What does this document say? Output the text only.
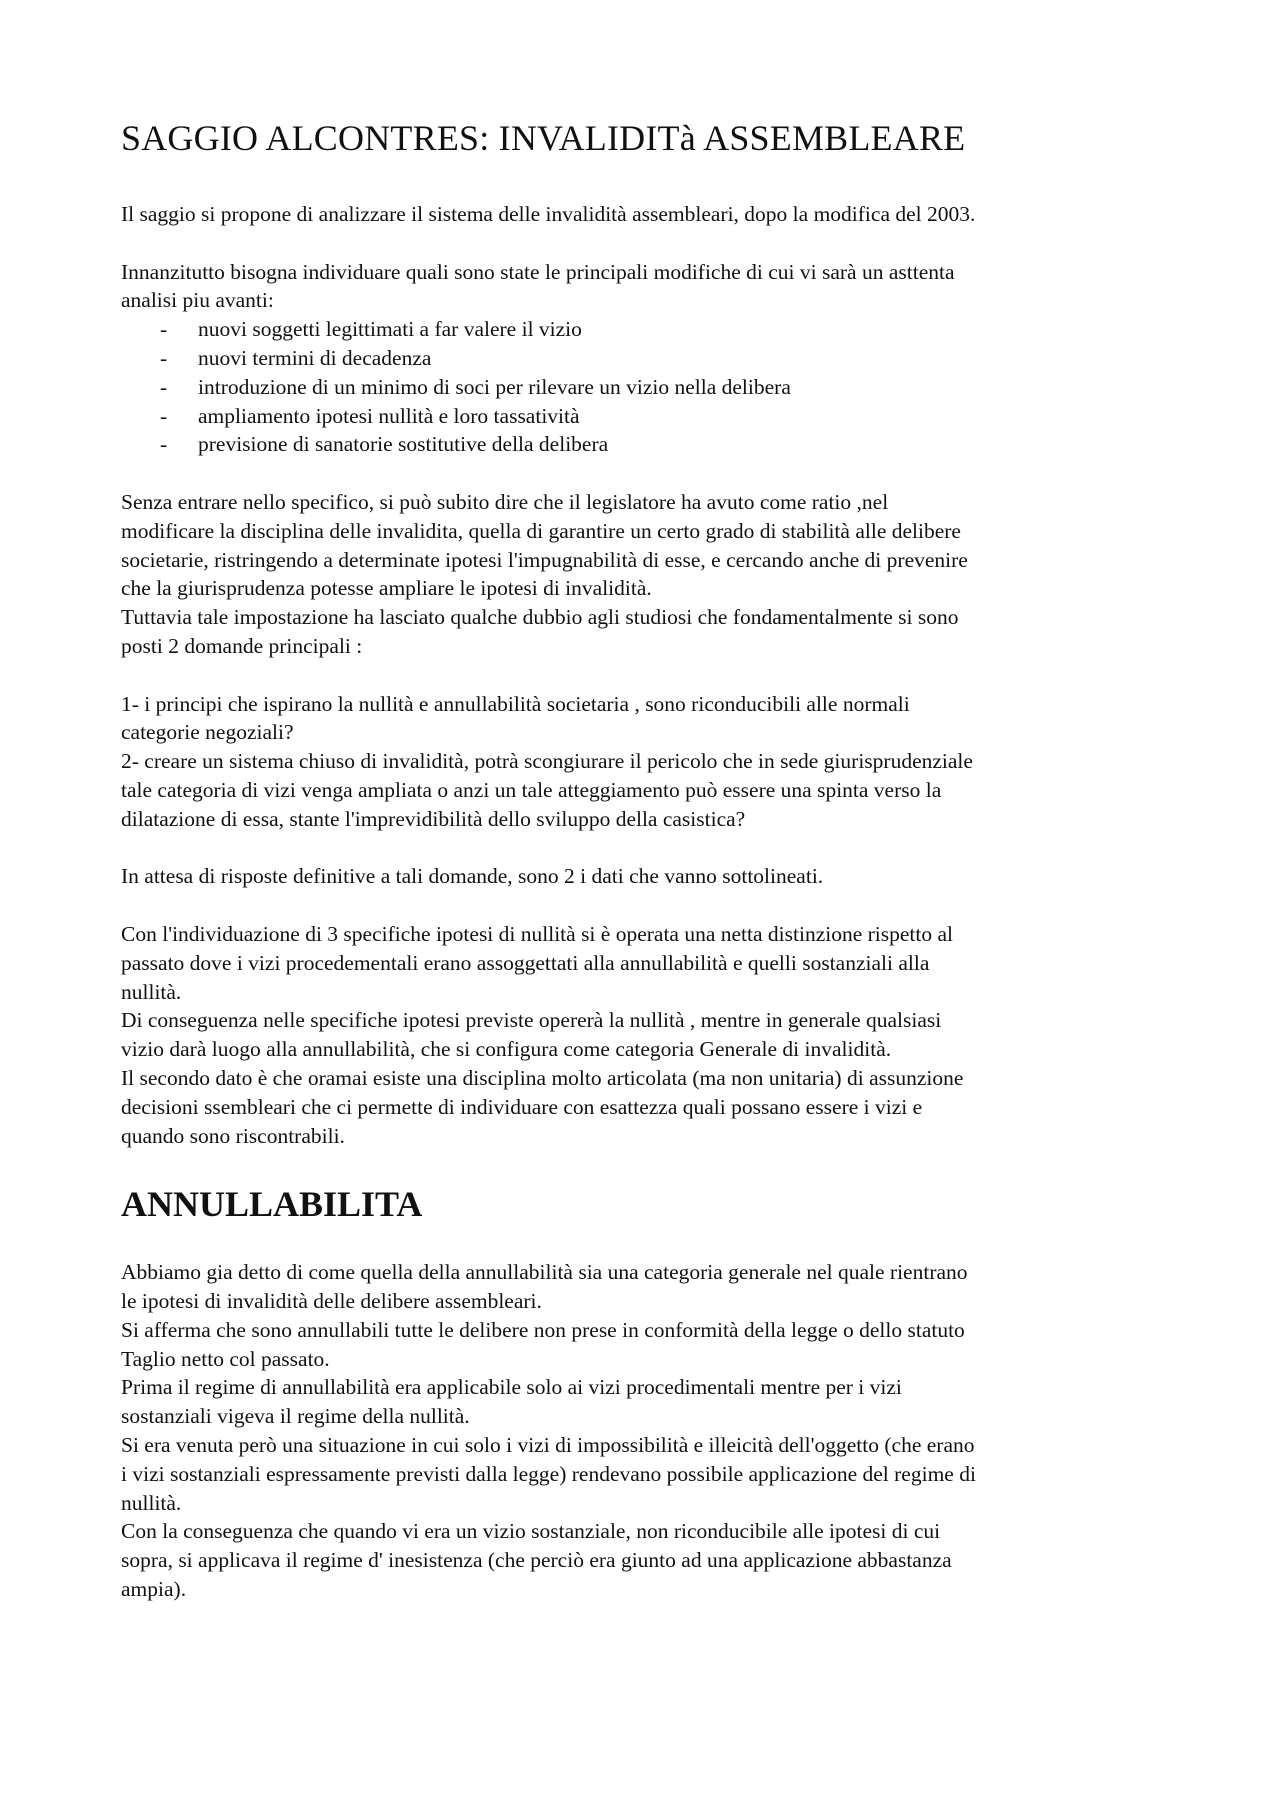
SAGGIO ALCONTRES: INVALIDITà ASSEMBLEARE

Il saggio si propone di analizzare il sistema delle invalidità assembleari, dopo la modifica del 2003.

Innanzitutto bisogna individuare quali sono state le principali modifiche di cui vi sarà un asttenta

analisi piu avanti:

- nuovi soggetti legittimati a far valere il vizio
- nuovi termini di decadenza
- introduzione di un minimo di soci per rilevare un vizio nella delibera
- ampliamento ipotesi nullità e loro tassatività
- previsione di sanatorie sostitutive della delibera

Senza entrare nello specifico, si può subito dire che il legislatore ha avuto come ratio ,nel

modificare la disciplina delle invalidita, quella di garantire un certo grado di stabilità alle delibere

societarie, ristringendo a determinate ipotesi l'impugnabilità di esse, e cercando anche di prevenire

che la giurisprudenza potesse ampliare le ipotesi di invalidità.

Tuttavia tale impostazione ha lasciato qualche dubbio agli studiosi che fondamentalmente si sono

posti 2 domande principali :

1- i principi che ispirano la nullità e annullabilità societaria , sono riconducibili alle normali

categorie negoziali?

2- creare un sistema chiuso di invalidità, potrà scongiurare il pericolo che in sede giurisprudenziale

tale categoria di vizi venga ampliata o anzi un tale atteggiamento può essere una spinta verso la

dilatazione di essa, stante l'imprevidibilità dello sviluppo della casistica?

In attesa di risposte definitive a tali domande, sono 2 i dati che vanno sottolineati.

Con l'individuazione di 3 specifiche ipotesi di nullità si è operata una netta distinzione rispetto al

passato dove i vizi procedementali erano assoggettati alla annullabilità e quelli sostanziali alla

nullità.

Di conseguenza nelle specifiche ipotesi previste opererà la nullità , mentre in generale qualsiasi

vizio darà luogo alla annullabilità, che si configura come categoria Generale di invalidità.

Il secondo dato è che oramai esiste una disciplina molto articolata (ma non unitaria) di assunzione

decisioni ssembleari che ci permette di individuare con esattezza quali possano essere i vizi e

quando sono riscontrabili.

ANNULLABILITA

Abbiamo gia detto di come quella della annullabilità sia una categoria generale nel quale rientrano

le ipotesi di invalidità delle delibere assembleari.

Si afferma che sono annullabili tutte le delibere non prese in conformità della legge o dello statuto

Taglio netto col passato.

Prima il regime di annullabilità era applicabile solo ai vizi procedimentali mentre per i vizi

sostanziali vigeva il regime della nullità.

Si era venuta però una situazione in cui solo i vizi di impossibilità e illeicità dell'oggetto (che erano

i vizi sostanziali espressamente previsti dalla legge) rendevano possibile applicazione del regime di

nullità.

Con la conseguenza che quando vi era un vizio sostanziale, non riconducibile alle ipotesi di cui

sopra, si applicava il regime d' inesistenza (che perciò era giunto ad una applicazione abbastanza

ampia).
